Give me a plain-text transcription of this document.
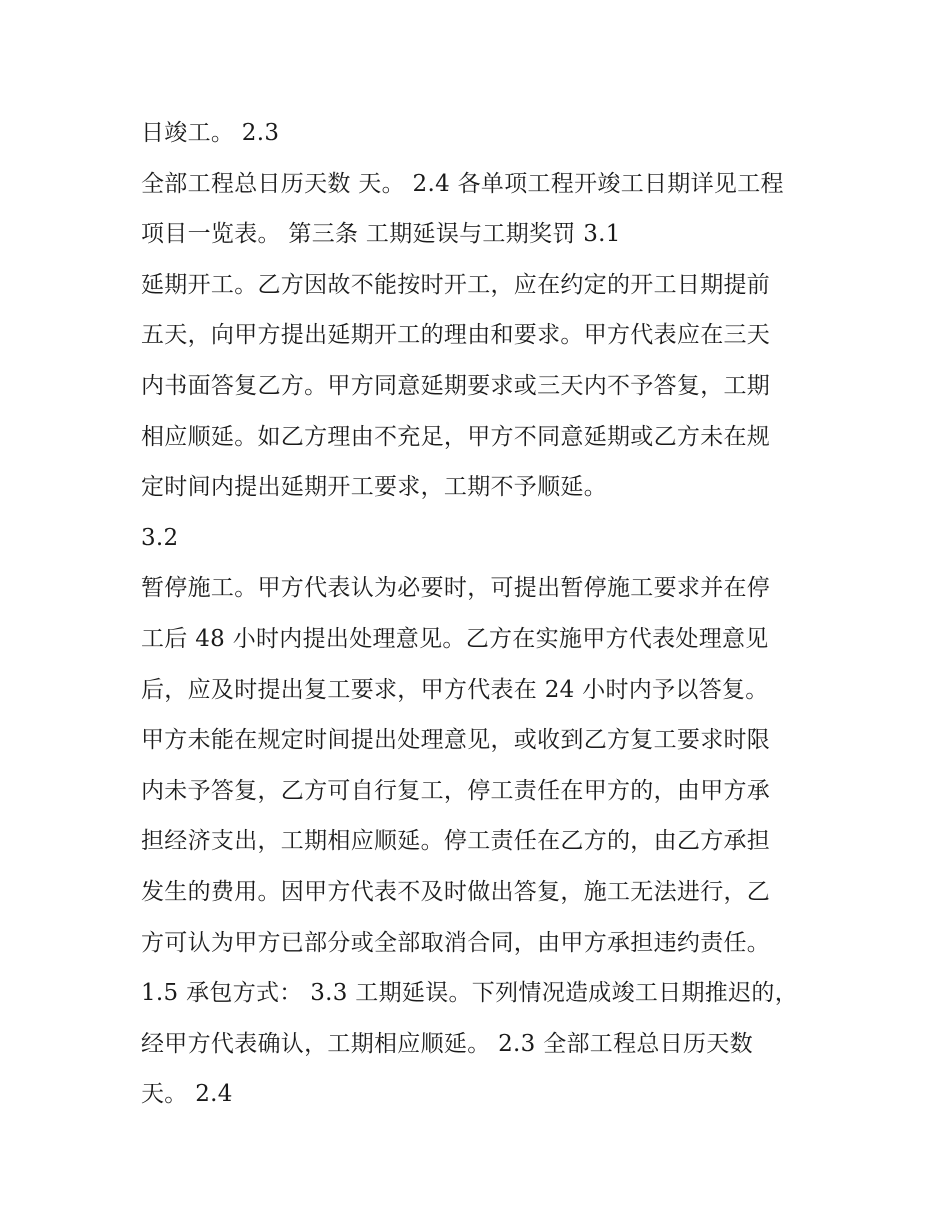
日竣工。 2.3
全部工程总日历天数 天。 2.4 各单项工程开竣工日期详见工程
项目一览表。 第三条 工期延误与工期奖罚 3.1
延期开工。乙方因故不能按时开工，应在约定的开工日期提前
五天，向甲方提出延期开工的理由和要求。甲方代表应在三天
内书面答复乙方。甲方同意延期要求或三天内不予答复，工期
相应顺延。如乙方理由不充足，甲方不同意延期或乙方未在规
定时间内提出延期开工要求，工期不予顺延。
3.2
暂停施工。甲方代表认为必要时，可提出暂停施工要求并在停
工后 48 小时内提出处理意见。乙方在实施甲方代表处理意见
后，应及时提出复工要求，甲方代表在 24 小时内予以答复。
甲方未能在规定时间提出处理意见，或收到乙方复工要求时限
内未予答复，乙方可自行复工，停工责任在甲方的，由甲方承
担经济支出，工期相应顺延。停工责任在乙方的，由乙方承担
发生的费用。因甲方代表不及时做出答复，施工无法进行，乙
方可认为甲方已部分或全部取消合同，由甲方承担违约责任。
1.5 承包方式： 3.3 工期延误。下列情况造成竣工日期推迟的，
经甲方代表确认，工期相应顺延。 2.3 全部工程总日历天数
天。 2.4
